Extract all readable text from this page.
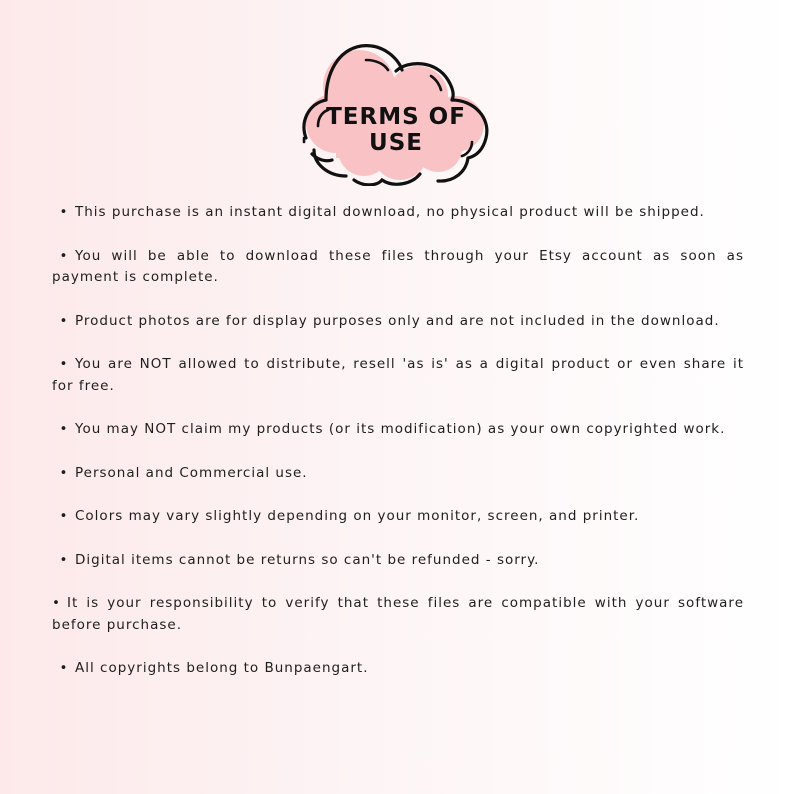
TERMS OF USE
• This purchase is an instant digital download, no physical product will be shipped.
• You will be able to download these files through your Etsy account as soon as payment is complete.
• Product photos are for display purposes only and are not included in the download.
• You are NOT allowed to distribute, resell 'as is' as a digital product or even share it for free.
• You may NOT claim my products (or its modification) as your own copyrighted work.
• Personal and Commercial use.
• Colors may vary slightly depending on your monitor, screen, and printer.
• Digital items cannot be returns so can't be refunded - sorry.
• It is your responsibility to verify that these files are compatible with your software before purchase.
• All copyrights belong to Bunpaengart.
